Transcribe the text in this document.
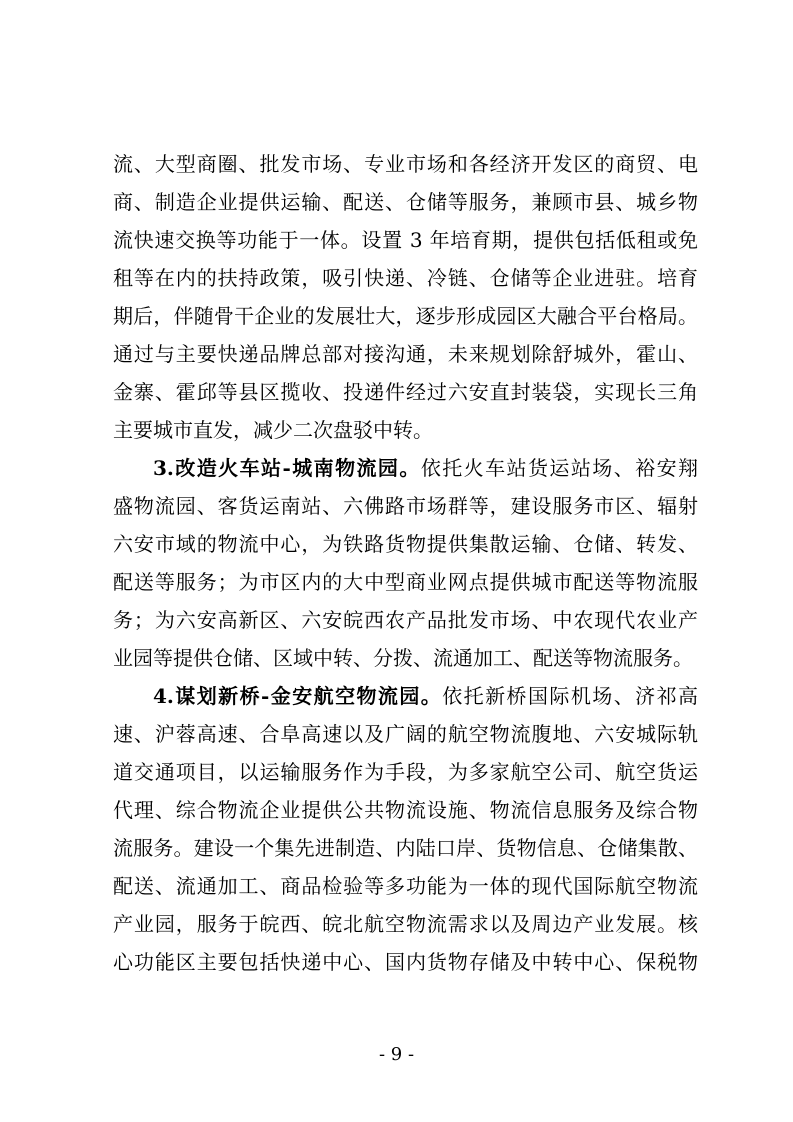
流、大型商圈、批发市场、专业市场和各经济开发区的商贸、电
商、制造企业提供运输、配送、仓储等服务，兼顾市县、城乡物
流快速交换等功能于一体。设置 3 年培育期，提供包括低租或免
租等在内的扶持政策，吸引快递、冷链、仓储等企业进驻。培育
期后，伴随骨干企业的发展壮大，逐步形成园区大融合平台格局。
通过与主要快递品牌总部对接沟通，未来规划除舒城外，霍山、
金寨、霍邱等县区揽收、投递件经过六安直封装袋，实现长三角
主要城市直发，减少二次盘驳中转。
3.改造火车站-城南物流园。依托火车站货运站场、裕安翔
盛物流园、客货运南站、六佛路市场群等，建设服务市区、辐射
六安市域的物流中心，为铁路货物提供集散运输、仓储、转发、
配送等服务；为市区内的大中型商业网点提供城市配送等物流服
务；为六安高新区、六安皖西农产品批发市场、中农现代农业产
业园等提供仓储、区域中转、分拨、流通加工、配送等物流服务。
4.谋划新桥-金安航空物流园。依托新桥国际机场、济祁高
速、沪蓉高速、合阜高速以及广阔的航空物流腹地、六安城际轨
道交通项目，以运输服务作为手段，为多家航空公司、航空货运
代理、综合物流企业提供公共物流设施、物流信息服务及综合物
流服务。建设一个集先进制造、内陆口岸、货物信息、仓储集散、
配送、流通加工、商品检验等多功能为一体的现代国际航空物流
产业园，服务于皖西、皖北航空物流需求以及周边产业发展。核
心功能区主要包括快递中心、国内货物存储及中转中心、保税物
- 9 -
